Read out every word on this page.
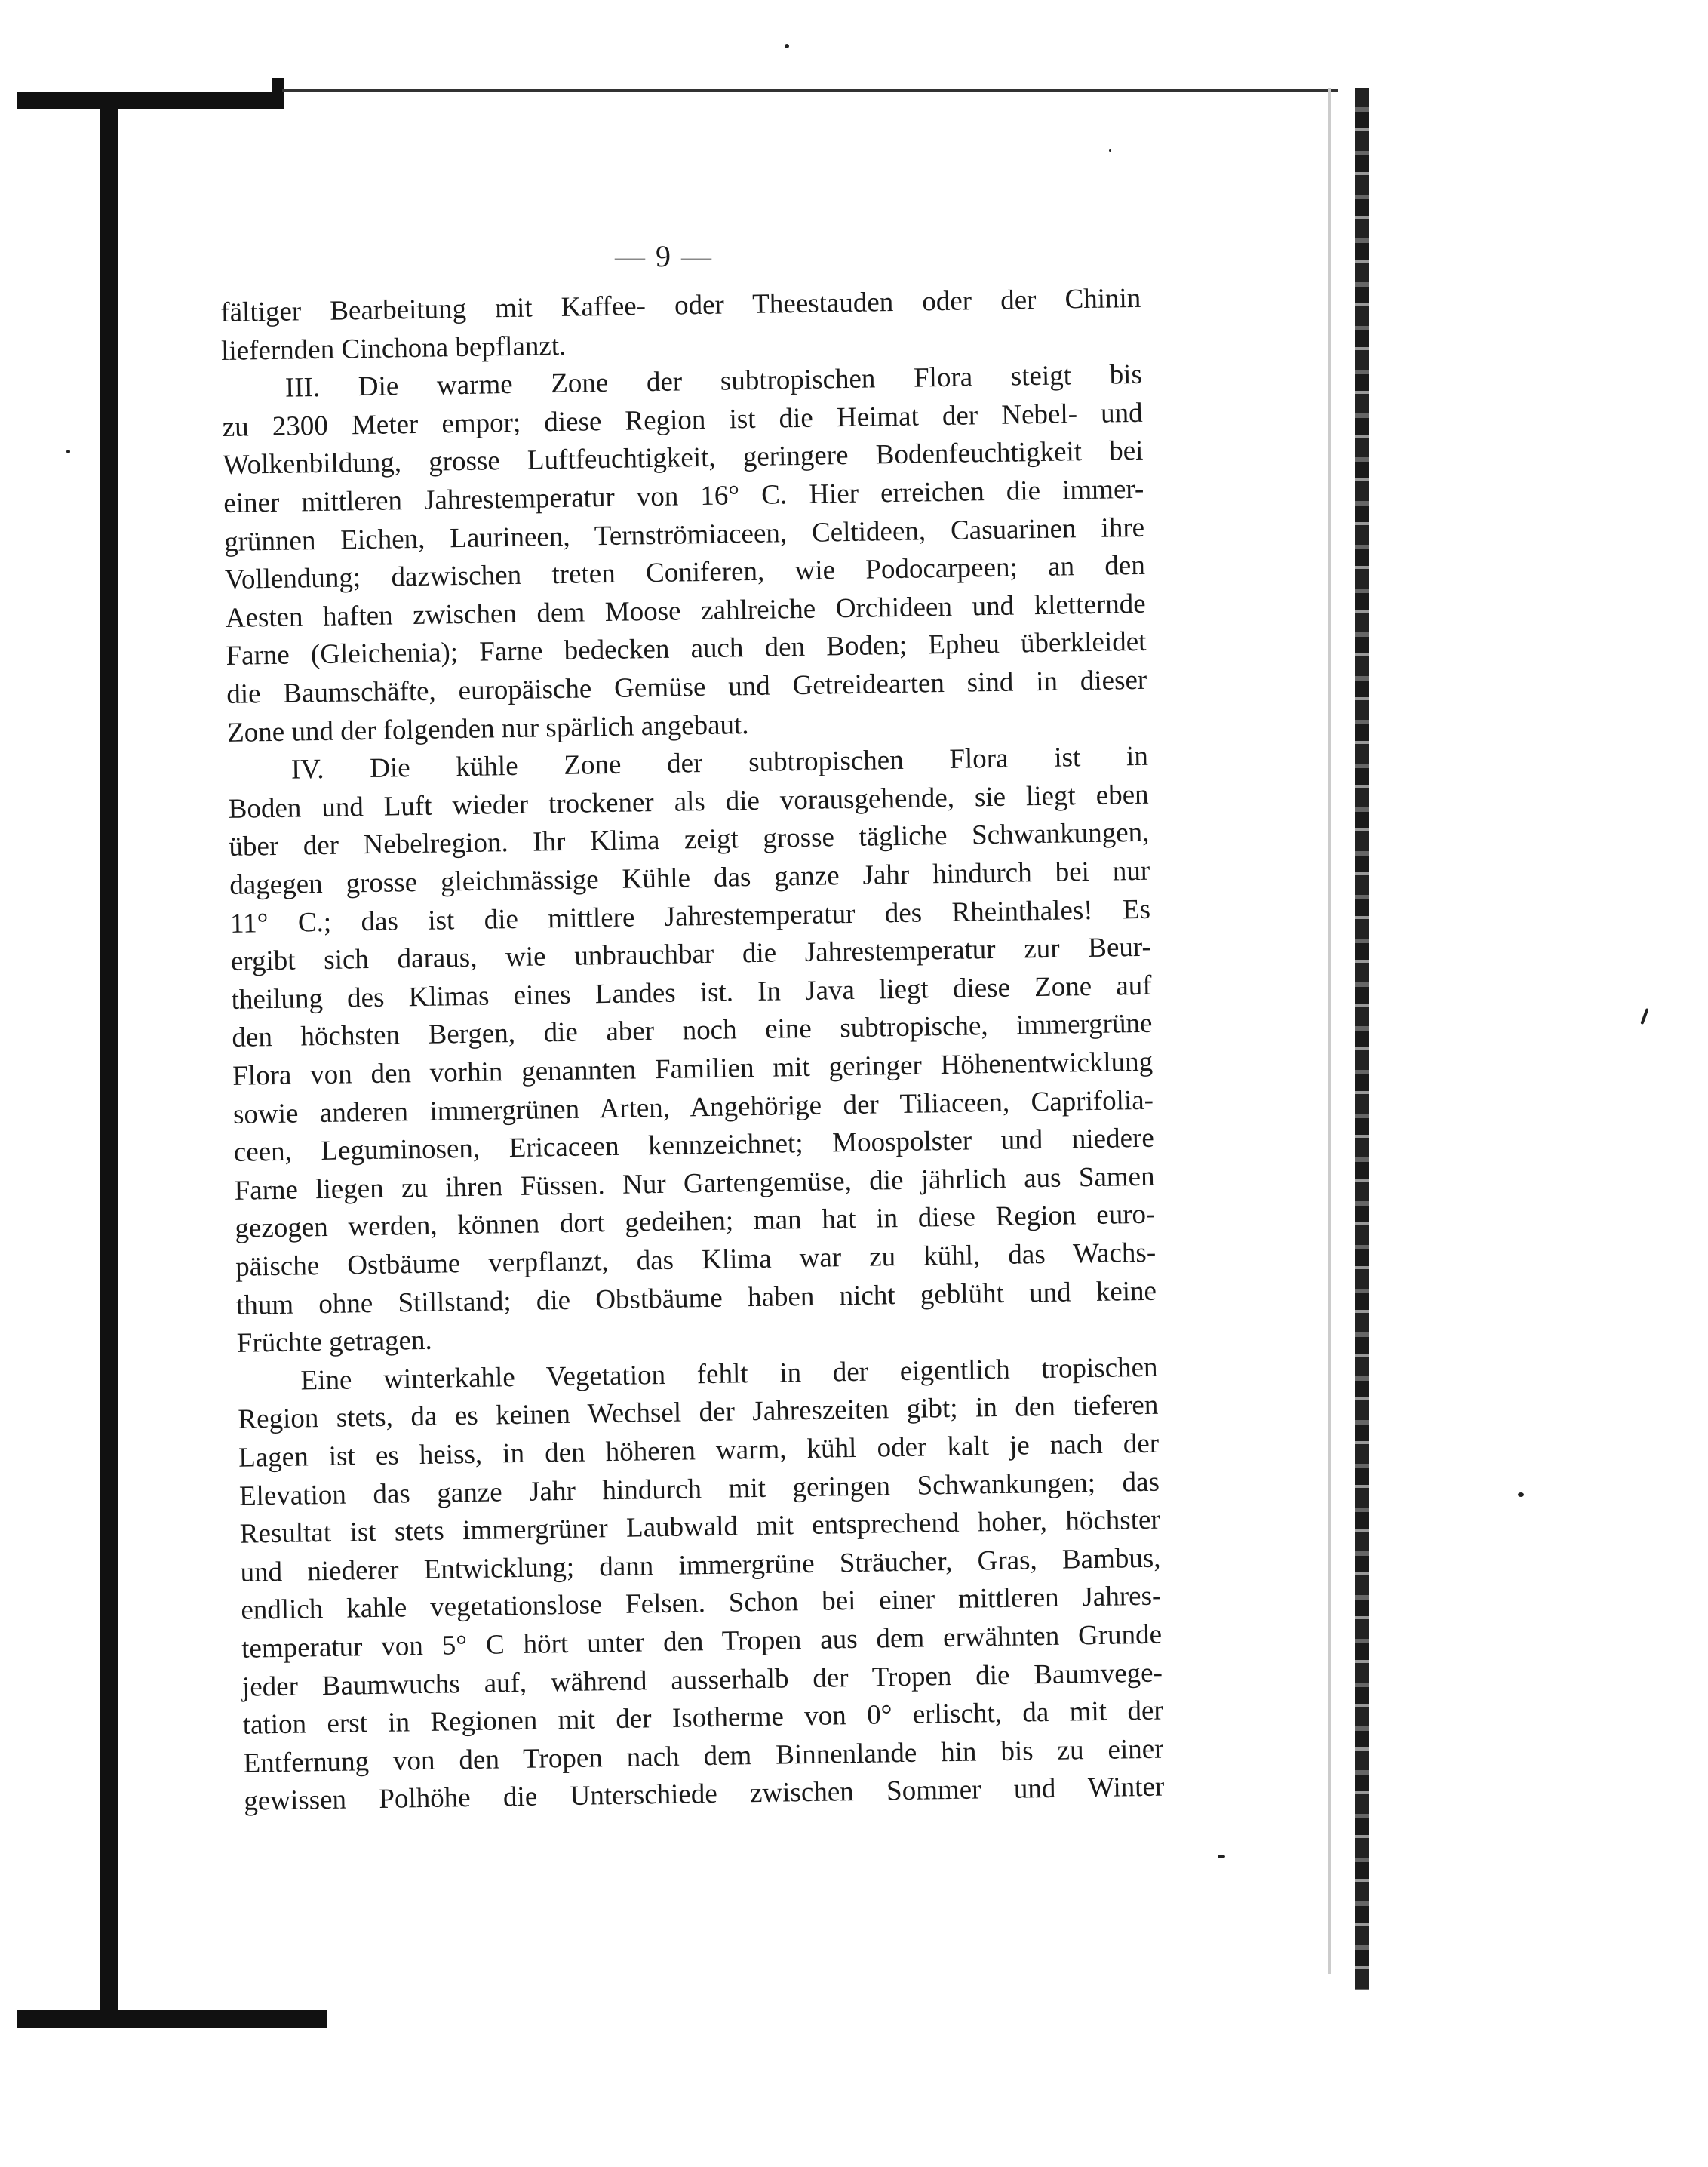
— 9 —
fältiger Bearbeitung mit Kaffee- oder Theestauden oder der Chinin
liefernden Cinchona bepflanzt.
III. Die warme Zone der subtropischen Flora steigt bis
zu 2300 Meter empor; diese Region ist die Heimat der Nebel- und
Wolkenbildung, grosse Luftfeuchtigkeit, geringere Bodenfeuchtigkeit bei
einer mittleren Jahrestemperatur von 16° C. Hier erreichen die immer-
grünnen Eichen, Laurineen, Ternströmiaceen, Celtideen, Casuarinen ihre
Vollendung; dazwischen treten Coniferen, wie Podocarpeen; an den
Aesten haften zwischen dem Moose zahlreiche Orchideen und kletternde
Farne (Gleichenia); Farne bedecken auch den Boden; Epheu überkleidet
die Baumschäfte, europäische Gemüse und Getreidearten sind in dieser
Zone und der folgenden nur spärlich angebaut.
IV. Die kühle Zone der subtropischen Flora ist in
Boden und Luft wieder trockener als die vorausgehende, sie liegt eben
über der Nebelregion. Ihr Klima zeigt grosse tägliche Schwankungen,
dagegen grosse gleichmässige Kühle das ganze Jahr hindurch bei nur
11° C.; das ist die mittlere Jahrestemperatur des Rheinthales! Es
ergibt sich daraus, wie unbrauchbar die Jahrestemperatur zur Beur-
theilung des Klimas eines Landes ist. In Java liegt diese Zone auf
den höchsten Bergen, die aber noch eine subtropische, immergrüne
Flora von den vorhin genannten Familien mit geringer Höhenentwicklung
sowie anderen immergrünen Arten, Angehörige der Tiliaceen, Caprifolia-
ceen, Leguminosen, Ericaceen kennzeichnet; Moospolster und niedere
Farne liegen zu ihren Füssen. Nur Gartengemüse, die jährlich aus Samen
gezogen werden, können dort gedeihen; man hat in diese Region euro-
päische Ostbäume verpflanzt, das Klima war zu kühl, das Wachs-
thum ohne Stillstand; die Obstbäume haben nicht geblüht und keine
Früchte getragen.
Eine winterkahle Vegetation fehlt in der eigentlich tropischen
Region stets, da es keinen Wechsel der Jahreszeiten gibt; in den tieferen
Lagen ist es heiss, in den höheren warm, kühl oder kalt je nach der
Elevation das ganze Jahr hindurch mit geringen Schwankungen; das
Resultat ist stets immergrüner Laubwald mit entsprechend hoher, höchster
und niederer Entwicklung; dann immergrüne Sträucher, Gras, Bambus,
endlich kahle vegetationslose Felsen. Schon bei einer mittleren Jahres-
temperatur von 5° C hört unter den Tropen aus dem erwähnten Grunde
jeder Baumwuchs auf, während ausserhalb der Tropen die Baumvege-
tation erst in Regionen mit der Isotherme von 0° erlischt, da mit der
Entfernung von den Tropen nach dem Binnenlande hin bis zu einer
gewissen Polhöhe die Unterschiede zwischen Sommer und Winter
